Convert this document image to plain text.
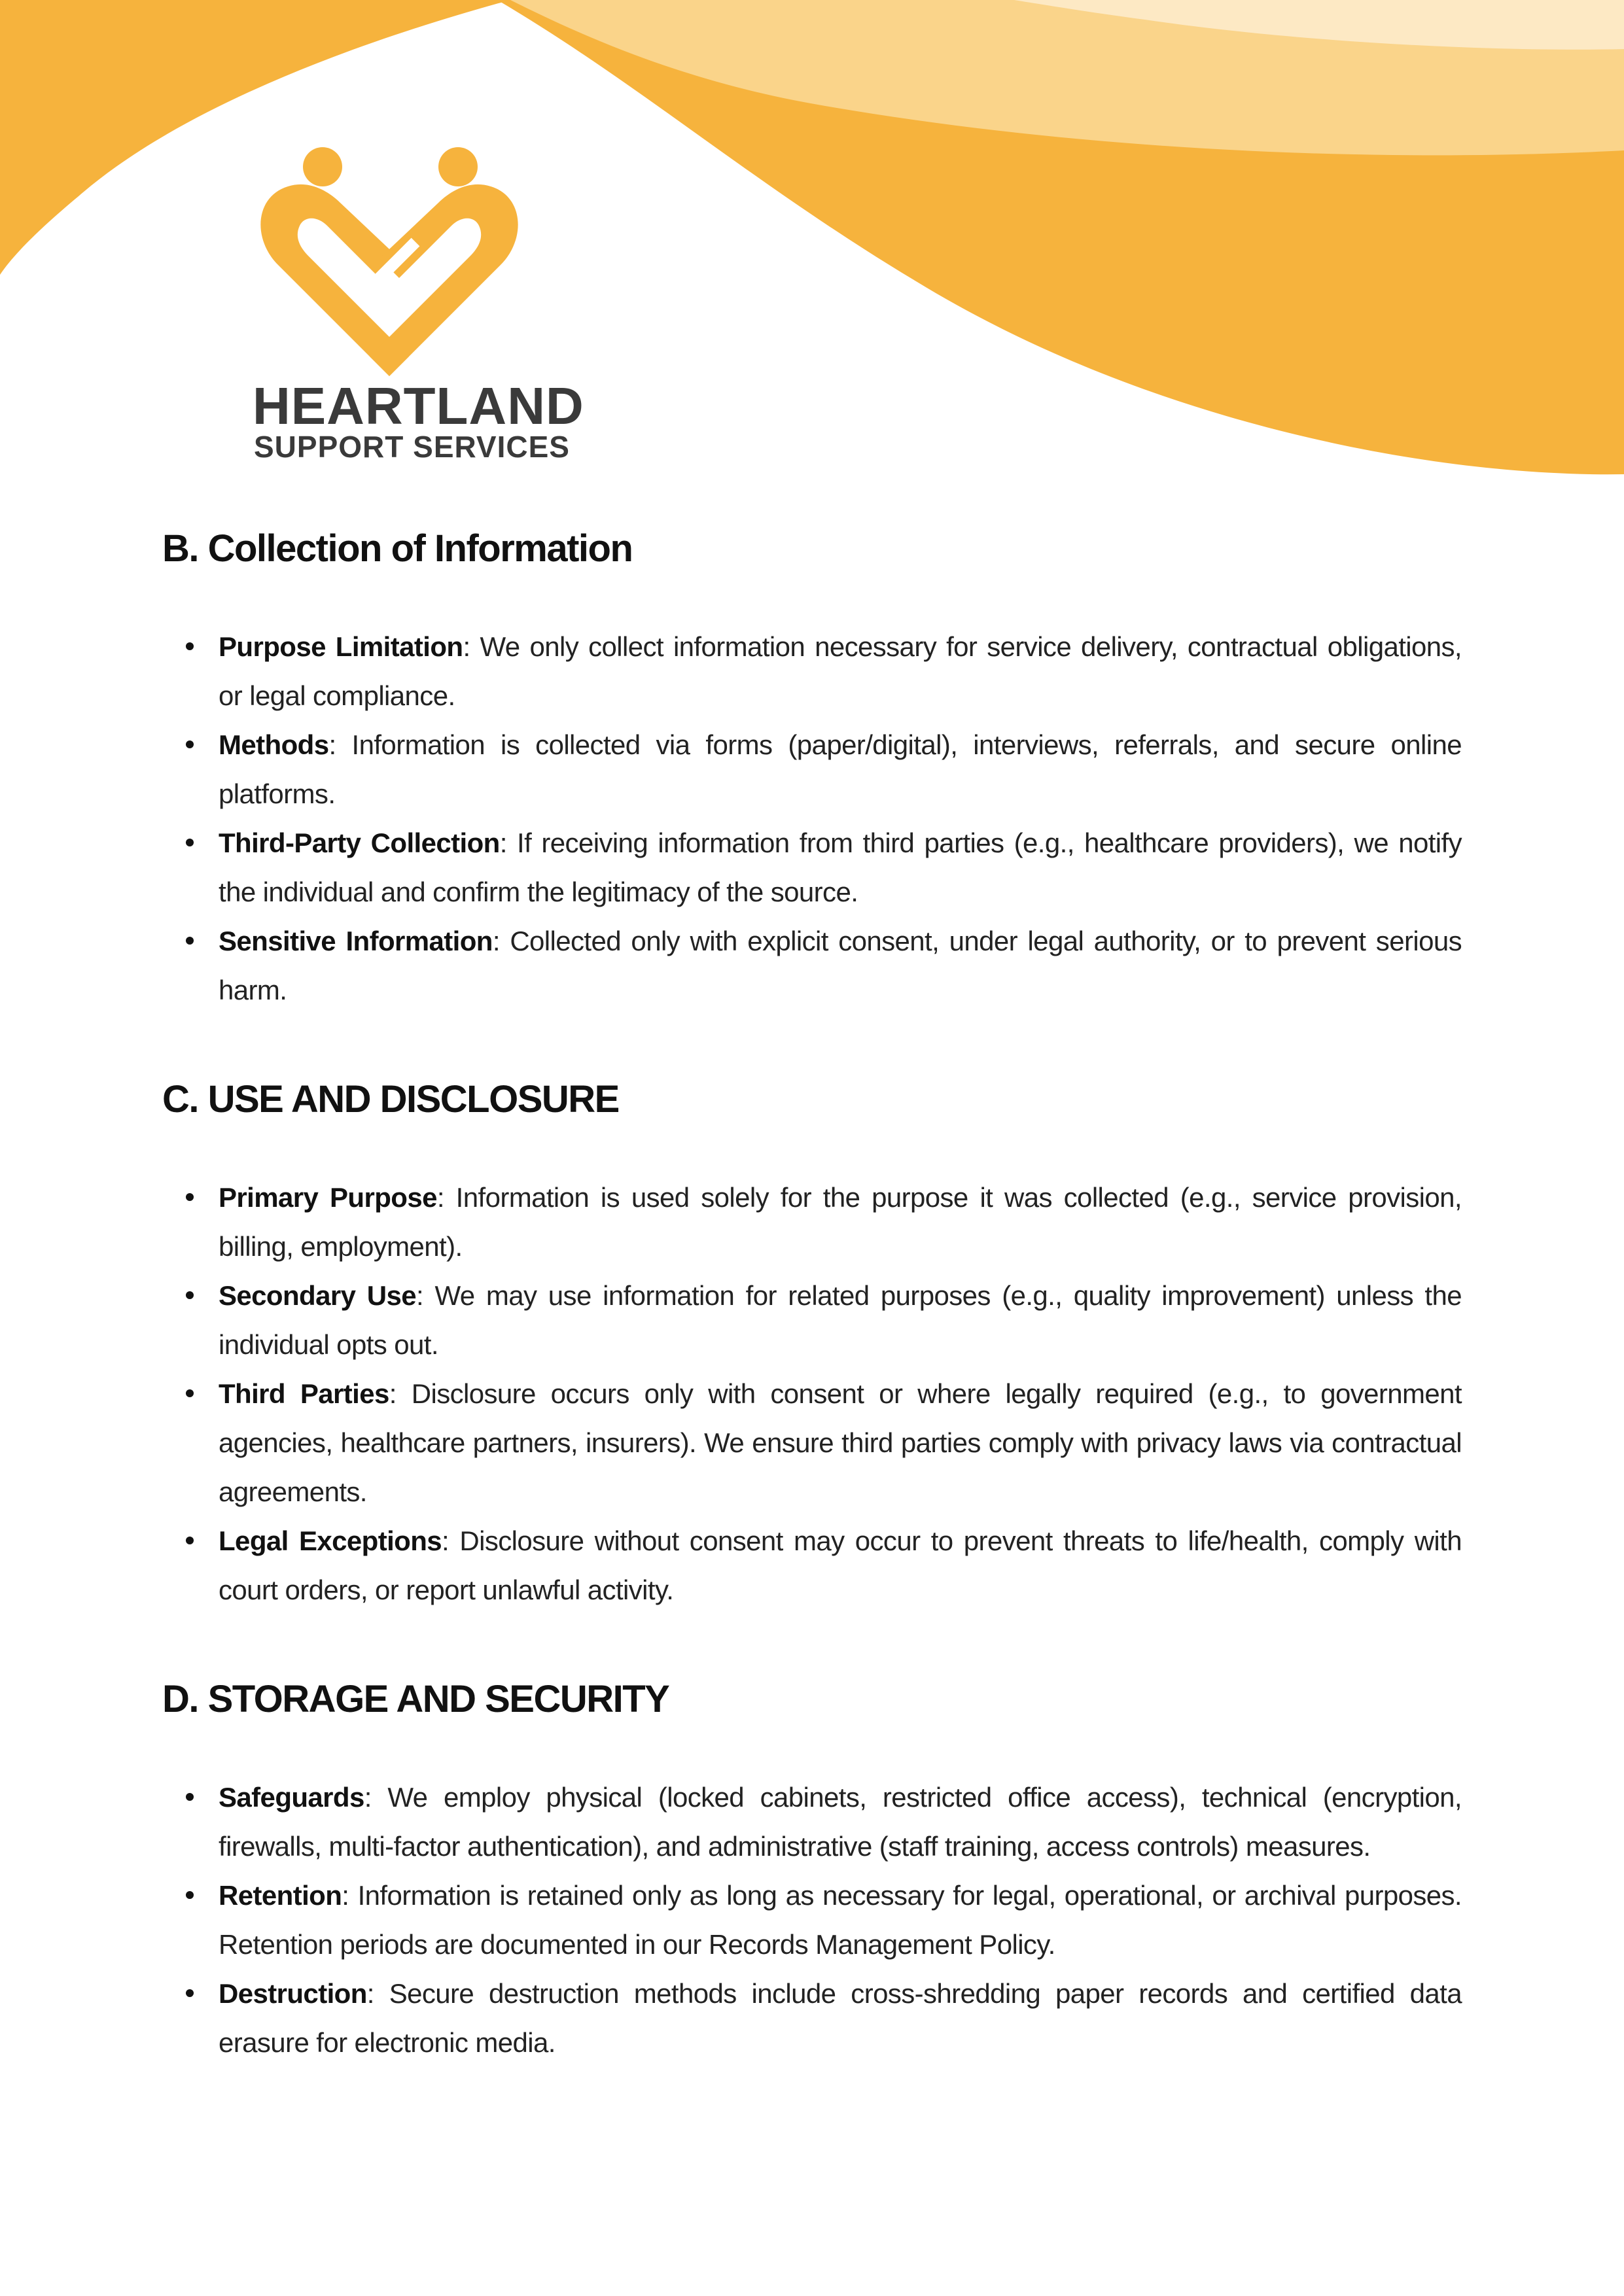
HEARTLAND
SUPPORT SERVICES
B. Collection of Information
Purpose Limitation: We only collect information necessary for service delivery, contractual obligations, or legal compliance.
Methods: Information is collected via forms (paper/digital), interviews, referrals, and secure online platforms.
Third-Party Collection: If receiving information from third parties (e.g., healthcare providers), we notify the individual and confirm the legitimacy of the source.
Sensitive Information: Collected only with explicit consent, under legal authority, or to prevent serious harm.
C. USE AND DISCLOSURE
Primary Purpose: Information is used solely for the purpose it was collected (e.g., service provision, billing, employment).
Secondary Use: We may use information for related purposes (e.g., quality improvement) unless the individual opts out.
Third Parties: Disclosure occurs only with consent or where legally required (e.g., to government agencies, healthcare partners, insurers). We ensure third parties comply with privacy laws via contractual agreements.
Legal Exceptions: Disclosure without consent may occur to prevent threats to life/health, comply with court orders, or report unlawful activity.
D. STORAGE AND SECURITY
Safeguards: We employ physical (locked cabinets, restricted office access), technical (encryption, firewalls, multi-factor authentication), and administrative (staff training, access controls) measures.
Retention: Information is retained only as long as necessary for legal, operational, or archival purposes. Retention periods are documented in our Records Management Policy.
Destruction: Secure destruction methods include cross-shredding paper records and certified data erasure for electronic media.
